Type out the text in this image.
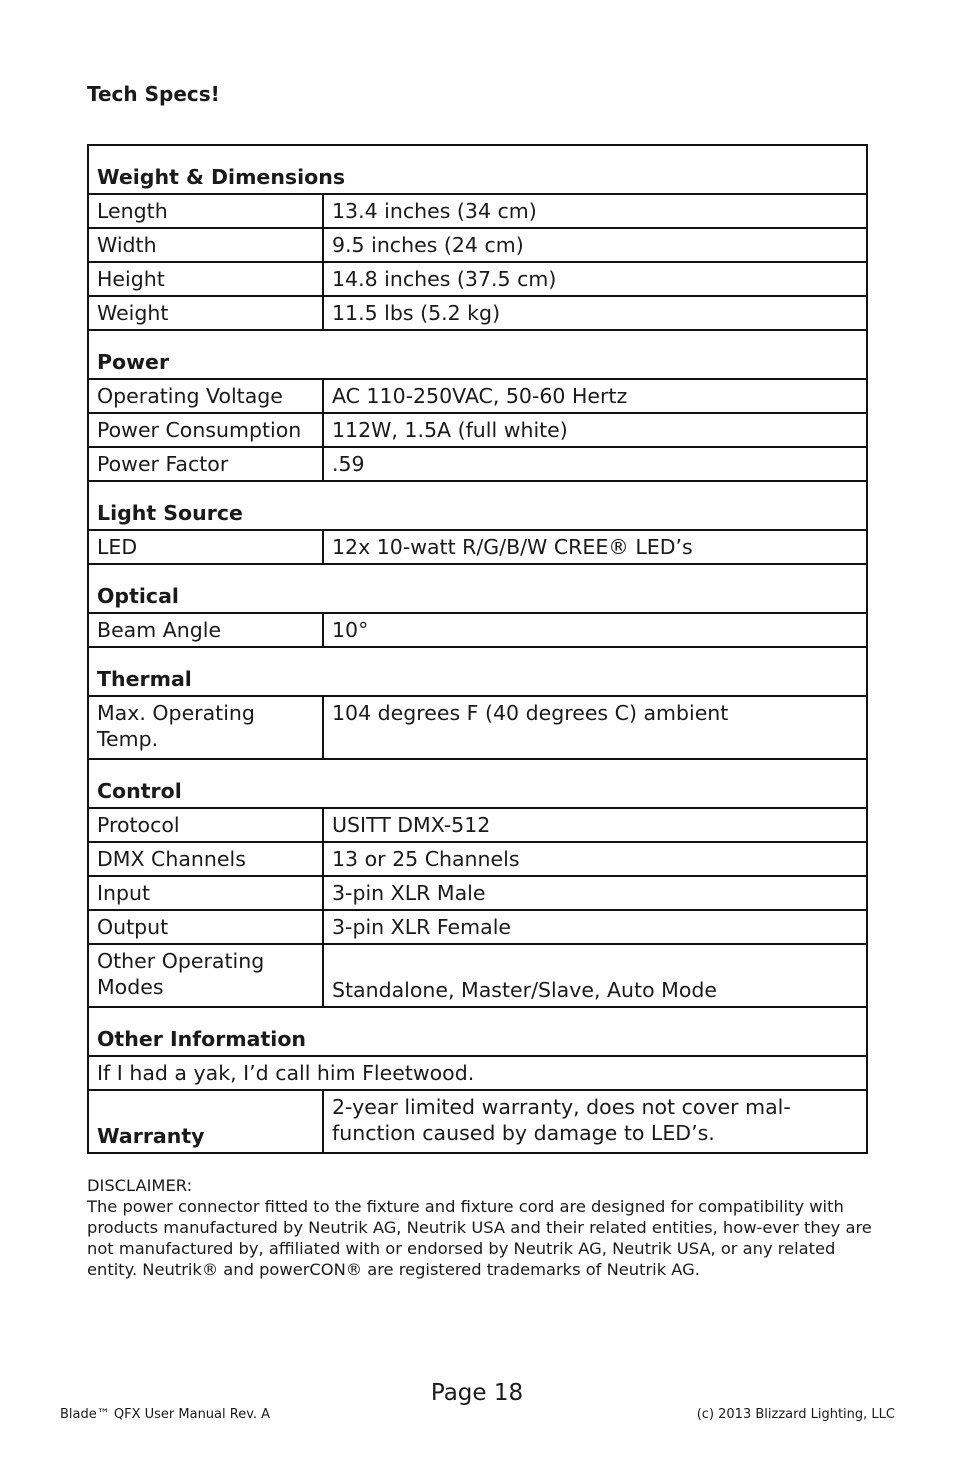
Tech Specs!
Weight & Dimensions	
Length	13.4 inches (34 cm)
Width	9.5 inches (24 cm)
Height	14.8 inches (37.5 cm)
Weight	11.5 lbs (5.2 kg)
Power	
Operating Voltage	AC 110-250VAC, 50-60 Hertz
Power Consumption	112W, 1.5A (full white)
Power Factor	.59
Light Source	
LED	12x 10-watt R/G/B/W CREE® LED’s
Optical	
Beam Angle	10°
Thermal	
Max. Operating Temp.	104 degrees F (40 degrees C) ambient
Control	
Protocol	USITT DMX-512
DMX Channels	13 or 25 Channels
Input	3-pin XLR Male
Output	3-pin XLR Female
Other Operating Modes	Standalone, Master/Slave, Auto Mode
Other Information	
If I had a yak, I’d call him Fleetwood.	
Warranty	2-year limited warranty, does not cover mal-function caused by damage to LED’s.

DISCLAIMER:

The power connector fitted to the fixture and fixture cord are designed for compatibility with products manufactured by Neutrik AG, Neutrik USA and their related entities, how-ever they are not manufactured by, affiliated with or endorsed by Neutrik AG, Neutrik USA, or any related entity. Neutrik® and powerCON® are registered trademarks of Neutrik AG.

Page 18
Blade™ QFX User Manual Rev. A	(c) 2013 Blizzard Lighting, LLC
